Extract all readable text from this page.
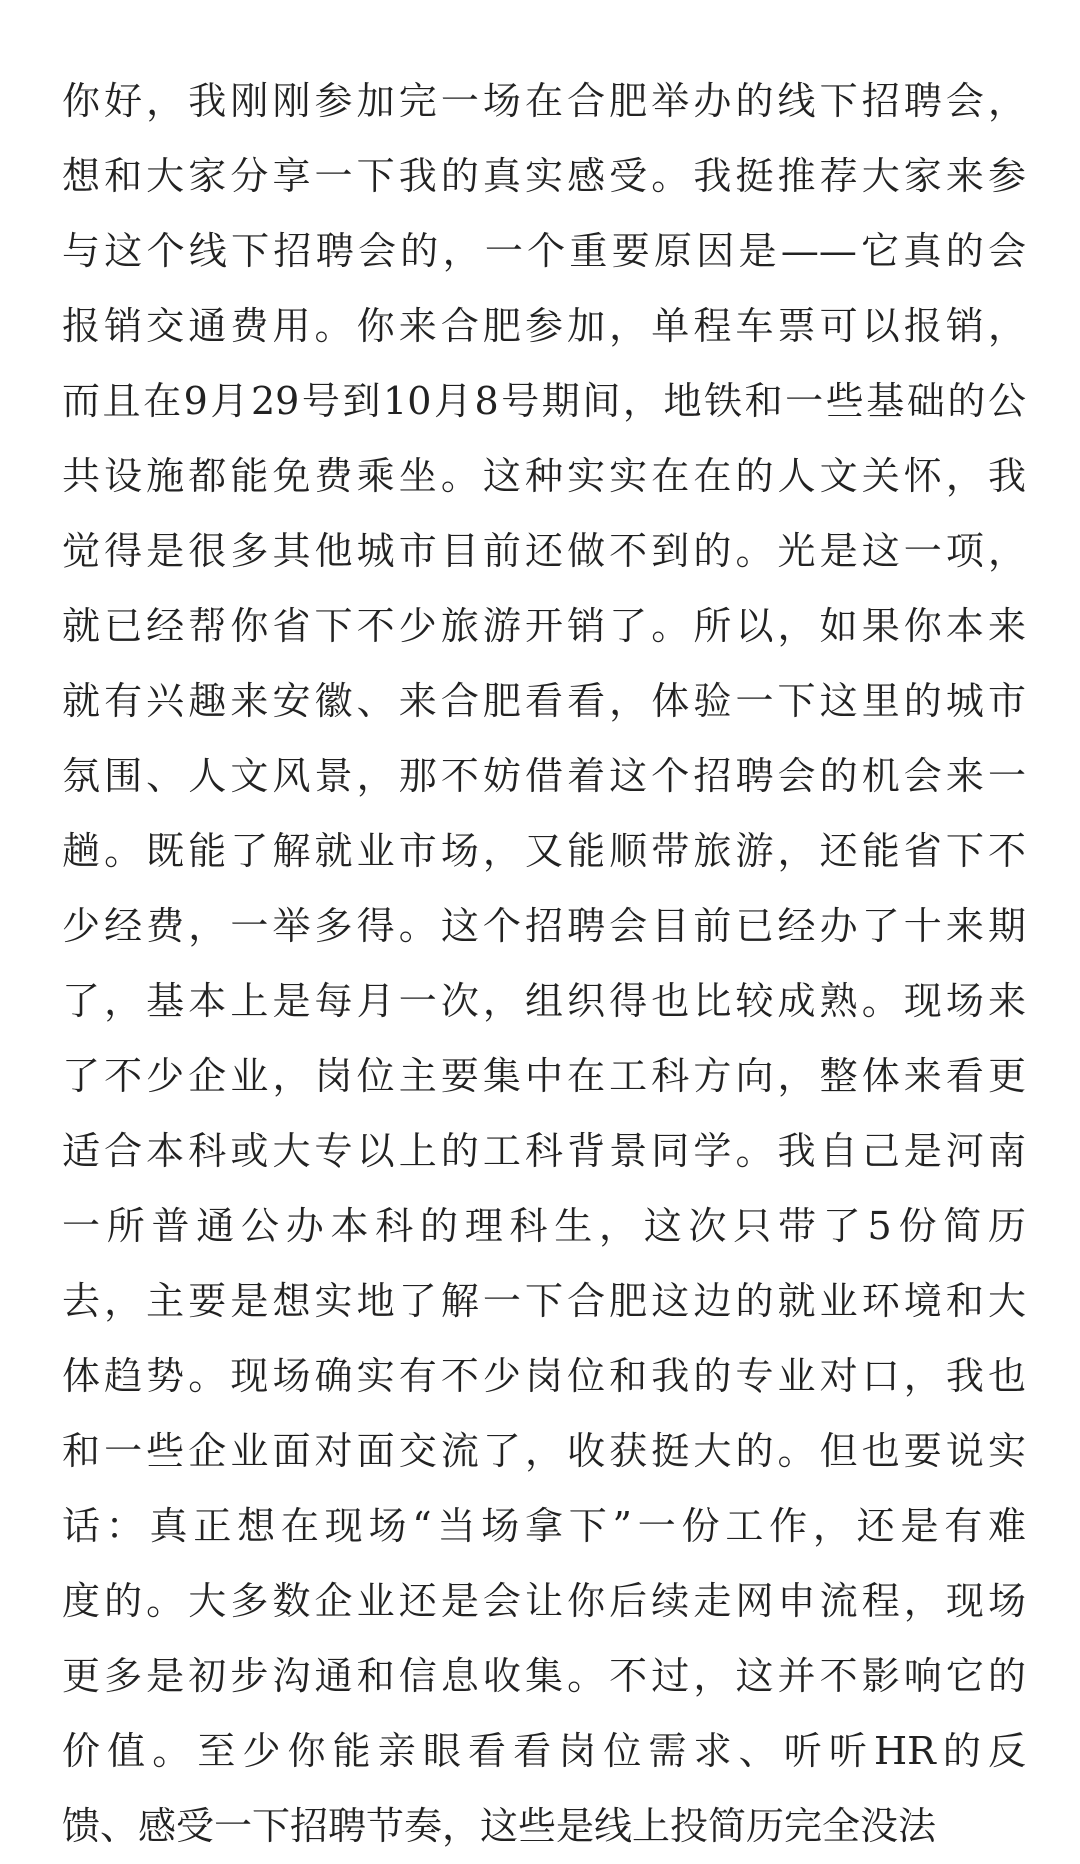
你好，我刚刚参加完一场在合肥举办的线下招聘会，
想和大家分享一下我的真实感受。我挺推荐大家来参
与这个线下招聘会的，一个重要原因是——它真的会
报销交通费用。你来合肥参加，单程车票可以报销，
而且在9月29号到10月8号期间，地铁和一些基础的公
共设施都能免费乘坐。这种实实在在的人文关怀，我
觉得是很多其他城市目前还做不到的。光是这一项，
就已经帮你省下不少旅游开销了。所以，如果你本来
就有兴趣来安徽、来合肥看看，体验一下这里的城市
氛围、人文风景，那不妨借着这个招聘会的机会来一
趟。既能了解就业市场，又能顺带旅游，还能省下不
少经费，一举多得。这个招聘会目前已经办了十来期
了，基本上是每月一次，组织得也比较成熟。现场来
了不少企业，岗位主要集中在工科方向，整体来看更
适合本科或大专以上的工科背景同学。我自己是河南
一所普通公办本科的理科生，这次只带了5份简历
去，主要是想实地了解一下合肥这边的就业环境和大
体趋势。现场确实有不少岗位和我的专业对口，我也
和一些企业面对面交流了，收获挺大的。但也要说实
话：真正想在现场“当场拿下”一份工作，还是有难
度的。大多数企业还是会让你后续走网申流程，现场
更多是初步沟通和信息收集。不过，这并不影响它的
价值。至少你能亲眼看看岗位需求、听听HR的反
馈、感受一下招聘节奏，这些是线上投简历完全没法
